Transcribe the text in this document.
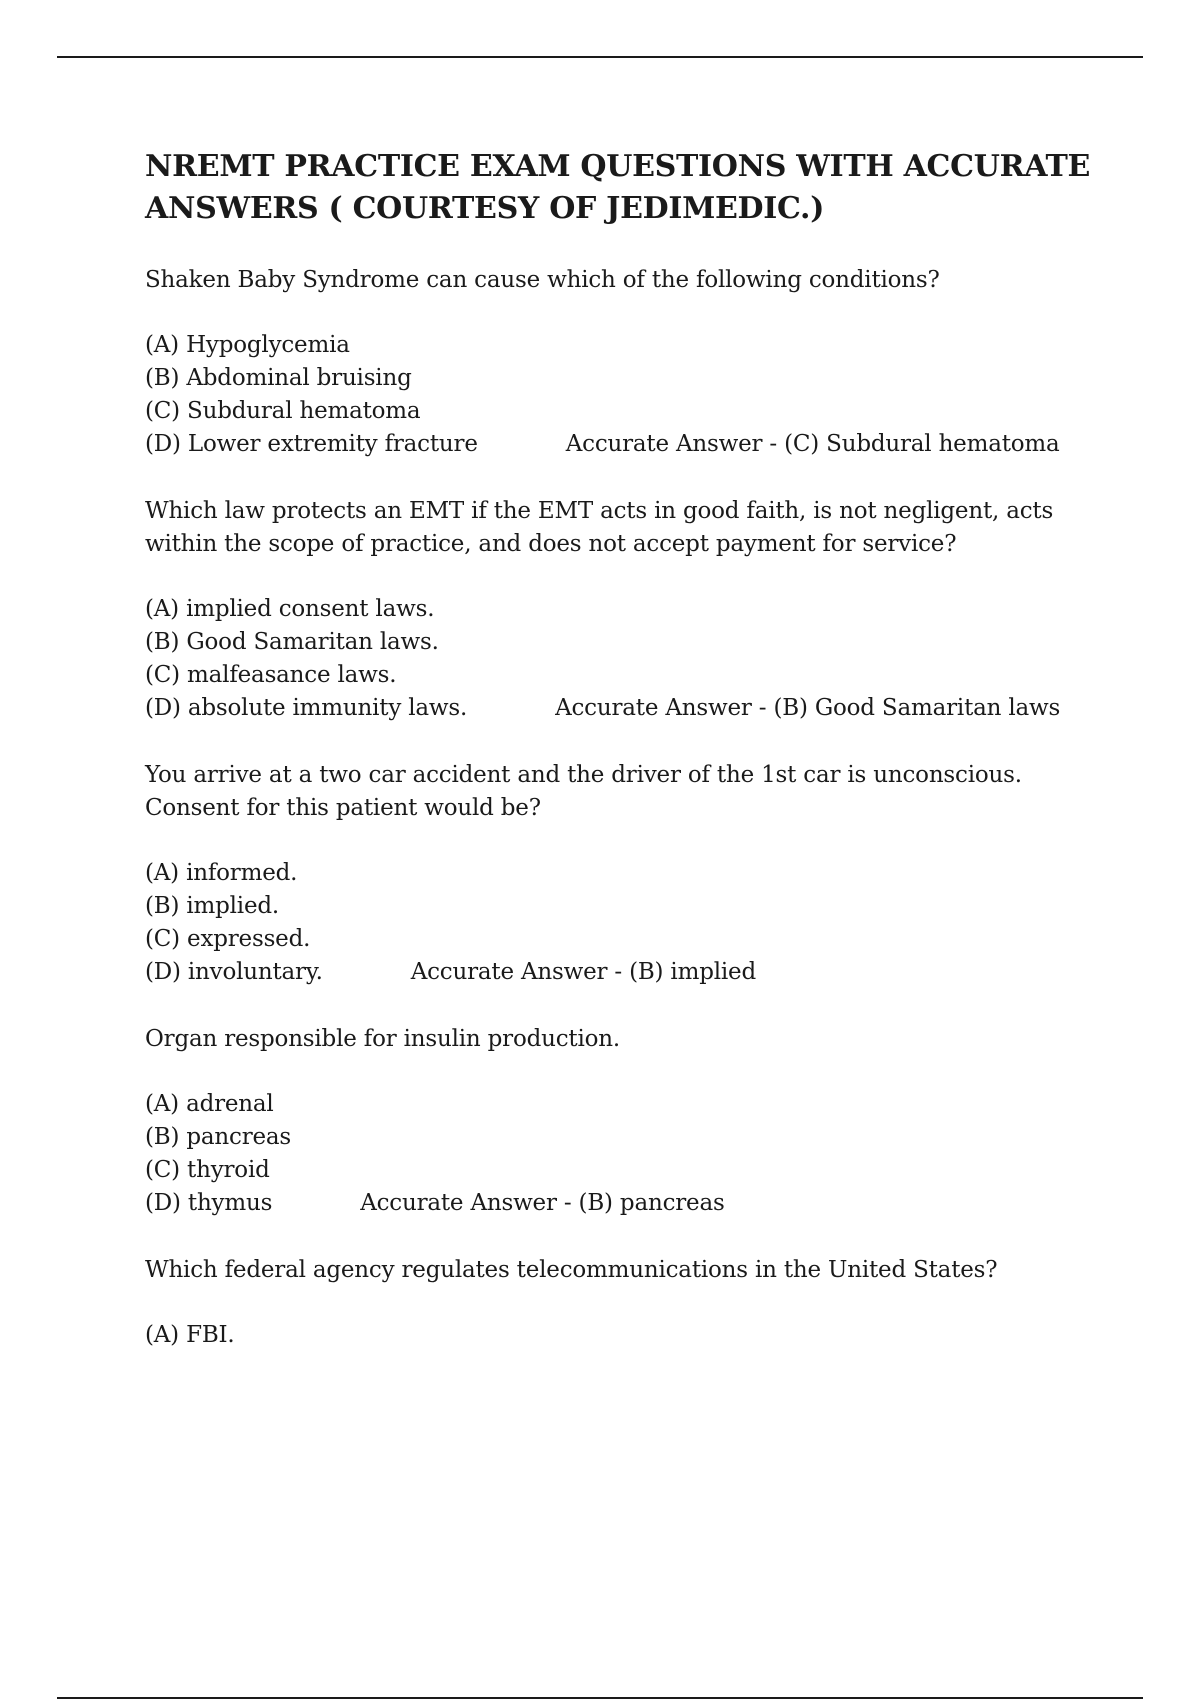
NREMT PRACTICE EXAM QUESTIONS WITH ACCURATE ANSWERS ( COURTESY OF JEDIMEDIC.)

Shaken Baby Syndrome can cause which of the following conditions?

(A) Hypoglycemia

(B) Abdominal bruising

(C) Subdural hematoma

(D) Lower extremity fracture	Accurate Answer - (C) Subdural hematoma

Which law protects an EMT if the EMT acts in good faith, is not negligent, acts within the scope of practice, and does not accept payment for service?

(A) implied consent laws.

(B) Good Samaritan laws.

(C) malfeasance laws.

(D) absolute immunity laws.	Accurate Answer - (B) Good Samaritan laws

You arrive at a two car accident and the driver of the 1st car is unconscious. Consent for this patient would be?

(A) informed.

(B) implied.

(C) expressed.

(D) involuntary.	Accurate Answer - (B) implied

Organ responsible for insulin production.

(A) adrenal

(B) pancreas

(C) thyroid

(D) thymus	Accurate Answer - (B) pancreas

Which federal agency regulates telecommunications in the United States?

(A) FBI.
